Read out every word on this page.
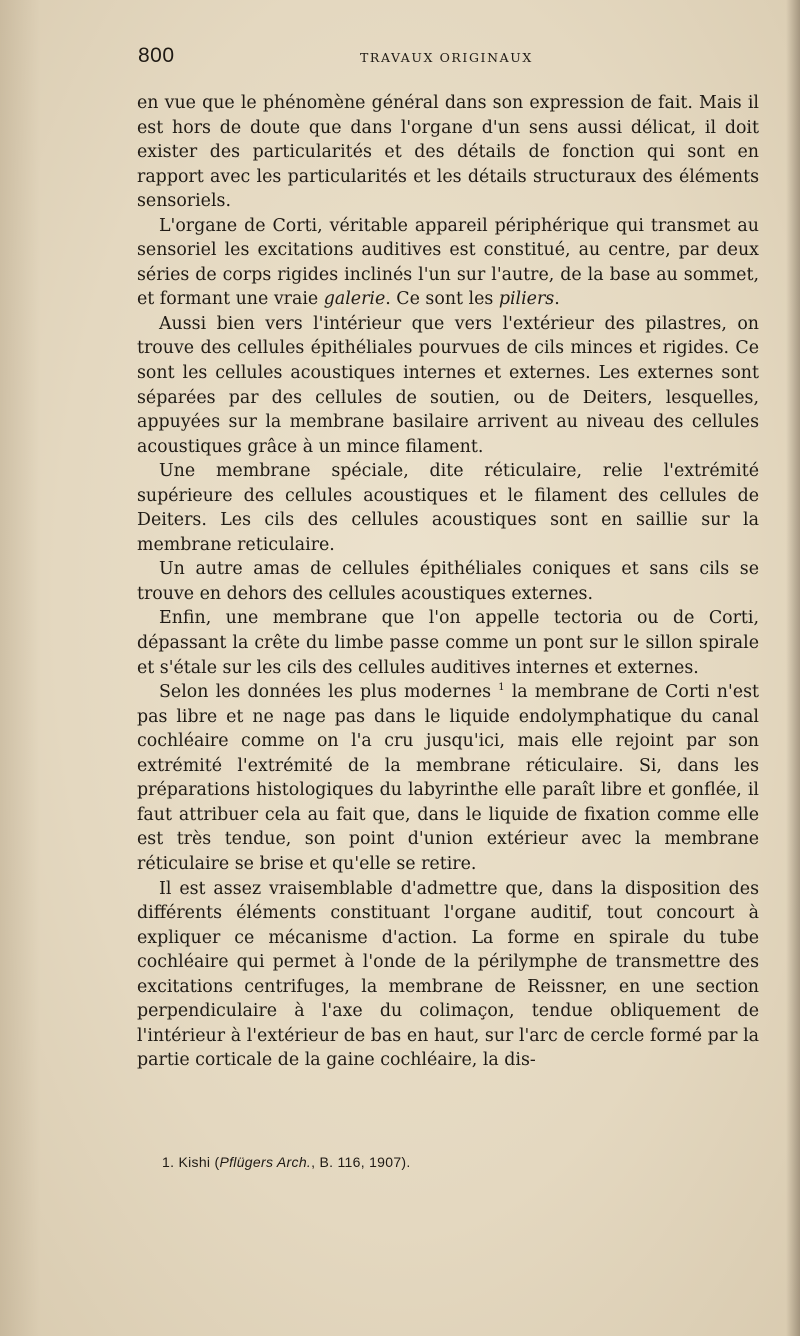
800	TRAVAUX ORIGINAUX

en vue que le phénomène général dans son expression de fait. Mais il est hors de doute que dans l'organe d'un sens aussi délicat, il doit exister des particularités et des détails de fonction qui sont en rapport avec les particularités et les détails structuraux des éléments sensoriels.

L'organe de Corti, véritable appareil périphérique qui transmet au sensoriel les excitations auditives est constitué, au centre, par deux séries de corps rigides inclinés l'un sur l'autre, de la base au sommet, et formant une vraie galerie. Ce sont les piliers.

Aussi bien vers l'intérieur que vers l'extérieur des pilastres, on trouve des cellules épithéliales pourvues de cils minces et rigides. Ce sont les cellules acoustiques internes et externes. Les externes sont séparées par des cellules de soutien, ou de Deiters, lesquelles, appuyées sur la membrane basilaire arrivent au niveau des cellules acoustiques grâce à un mince filament.

Une membrane spéciale, dite réticulaire, relie l'extrémité supérieure des cellules acoustiques et le filament des cellules de Deiters. Les cils des cellules acoustiques sont en saillie sur la membrane reticulaire.

Un autre amas de cellules épithéliales coniques et sans cils se trouve en dehors des cellules acoustiques externes.

Enfin, une membrane que l'on appelle tectoria ou de Corti, dépassant la crête du limbe passe comme un pont sur le sillon spirale et s'étale sur les cils des cellules auditives internes et externes.

Selon les données les plus modernes $^1$ la membrane de Corti n'est pas libre et ne nage pas dans le liquide endolymphatique du canal cochléaire comme on l'a cru jusqu'ici, mais elle rejoint par son extrémité l'extrémité de la membrane réticulaire. Si, dans les préparations histologiques du labyrinthe elle paraît libre et gonflée, il faut attribuer cela au fait que, dans le liquide de fixation comme elle est très tendue, son point d'union extérieur avec la membrane réticulaire se brise et qu'elle se retire.

Il est assez vraisemblable d'admettre que, dans la disposition des différents éléments constituant l'organe auditif, tout concourt à expliquer ce mécanisme d'action. La forme en spirale du tube cochléaire qui permet à l'onde de la périlymphe de transmettre des excitations centrifuges, la membrane de Reissner, en une section perpendiculaire à l'axe du colimaçon, tendue obliquement de l'intérieur à l'extérieur de bas en haut, sur l'arc de cercle formé par la partie corticale de la gaine cochléaire, la dis-

1. Kishi (Pflügers Arch., B. 116, 1907).
